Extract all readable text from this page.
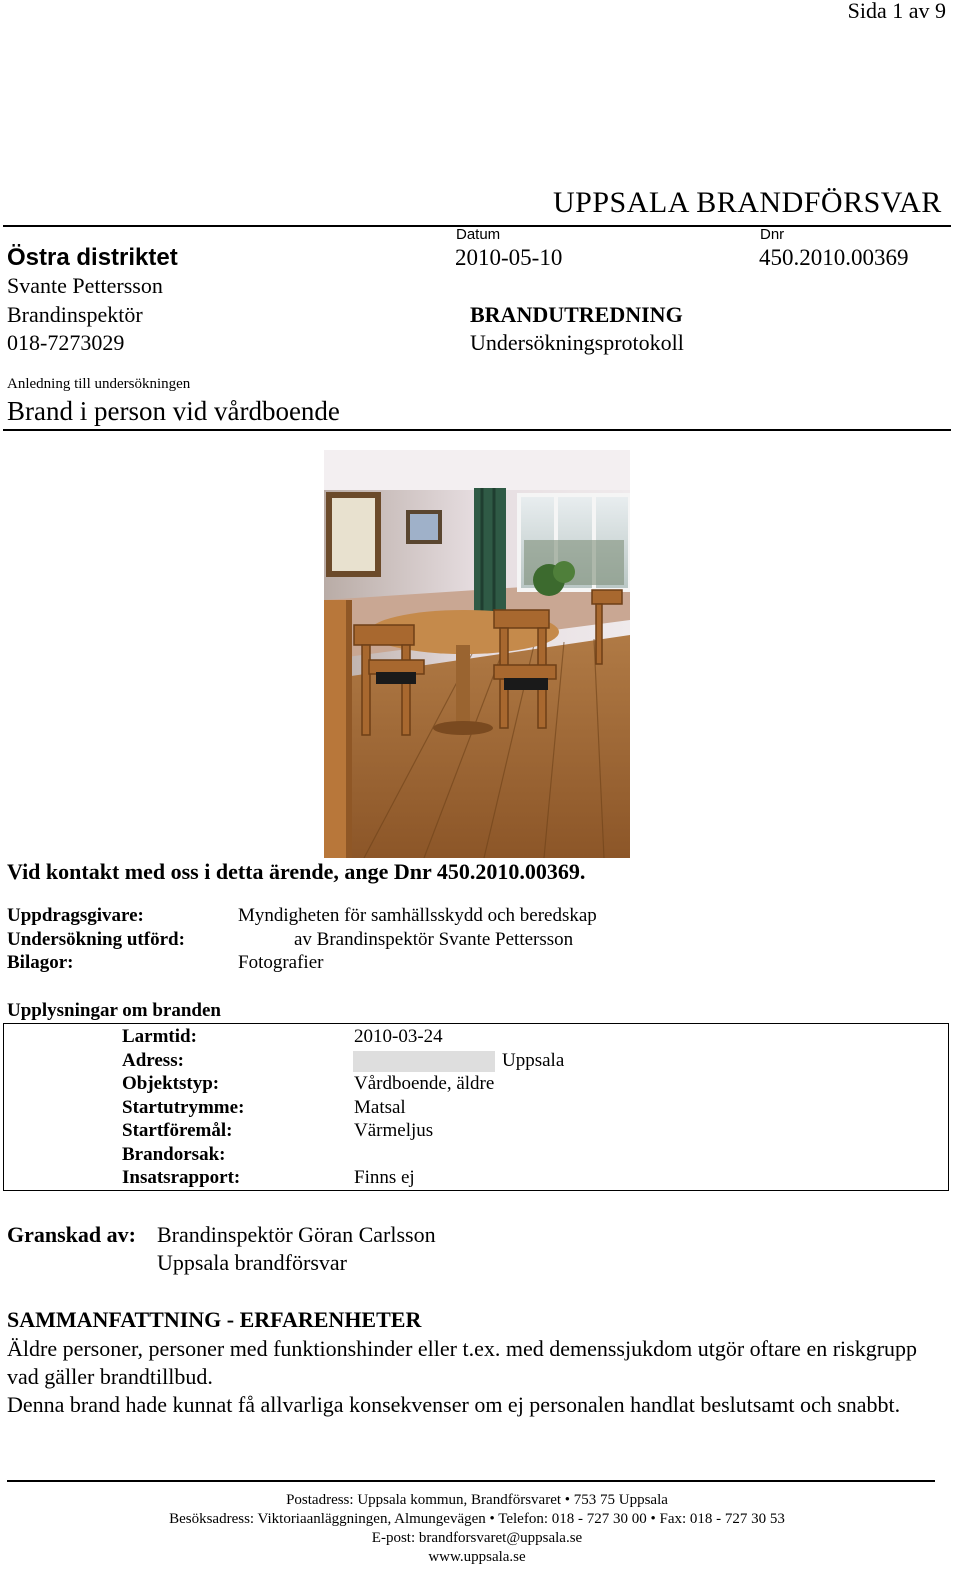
Sida 1 av 9
UPPSALA BRANDFÖRSVAR
Östra distriktet
Svante Pettersson
Brandinspektör
018-7273029
Datum
2010-05-10
Dnr
450.2010.00369
BRANDUTREDNING
Undersökningsprotokoll
Anledning till undersökningen
Brand i person vid vårdboende
Vid kontakt med oss i detta ärende, ange Dnr 450.2010.00369.
Uppdragsgivare:	Myndigheten för samhällsskydd och beredskap
Undersökning utförd:	av Brandinspektör Svante Pettersson
Bilagor:	Fotografier
Upplysningar om branden
Larmtid:	2010-03-24
Adress:	Uppsala
Objektstyp:	Vårdboende, äldre
Startutrymme:	Matsal
Startföremål:	Värmeljus
Brandorsak:
Insatsrapport:	Finns ej
Granskad av: Brandinspektör Göran Carlsson
Uppsala brandförsvar
SAMMANFATTNING - ERFARENHETER
Äldre personer, personer med funktionshinder eller t.ex. med demenssjukdom utgör oftare en riskgrupp vad gäller brandtillbud.
Denna brand hade kunnat få allvarliga konsekvenser om ej personalen handlat beslutsamt och snabbt.
Postadress: Uppsala kommun, Brandförsvaret • 753 75 Uppsala
Besöksadress: Viktoriaanläggningen, Almungevägen • Telefon: 018 - 727 30 00 • Fax: 018 - 727 30 53
E-post: brandforsvaret@uppsala.se
www.uppsala.se
